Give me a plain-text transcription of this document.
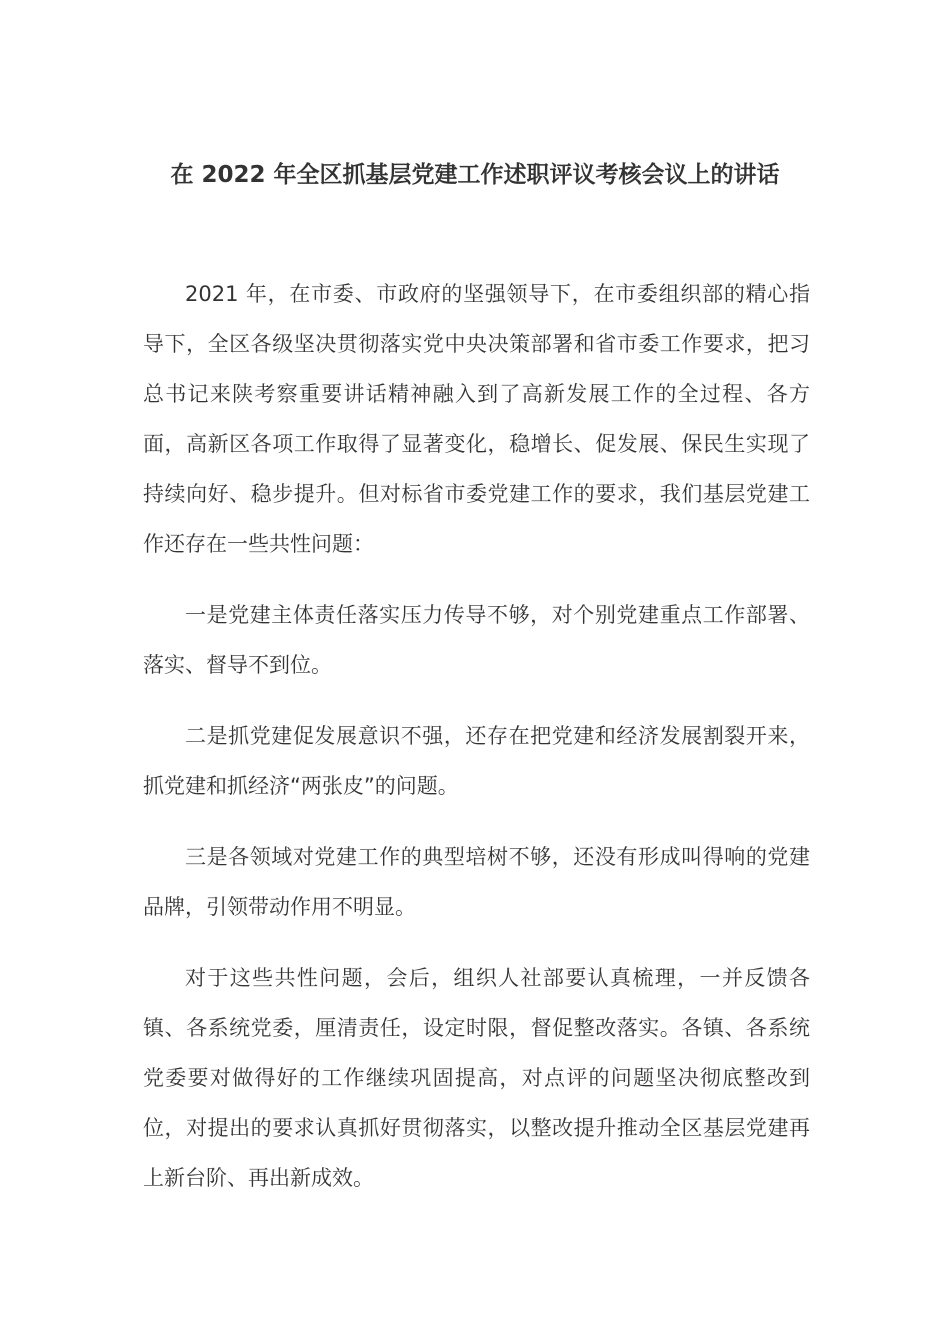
在 2022 年全区抓基层党建工作述职评议考核会议上的讲话

2021 年，在市委、市政府的坚强领导下，在市委组织部的精心指导下，全区各级坚决贯彻落实党中央决策部署和省市委工作要求，把习总书记来陕考察重要讲话精神融入到了高新发展工作的全过程、各方面，高新区各项工作取得了显著变化，稳增长、促发展、保民生实现了持续向好、稳步提升。但对标省市委党建工作的要求，我们基层党建工作还存在一些共性问题：

一是党建主体责任落实压力传导不够，对个别党建重点工作部署、落实、督导不到位。

二是抓党建促发展意识不强，还存在把党建和经济发展割裂开来，抓党建和抓经济“两张皮”的问题。

三是各领域对党建工作的典型培树不够，还没有形成叫得响的党建品牌，引领带动作用不明显。

对于这些共性问题，会后，组织人社部要认真梳理，一并反馈各镇、各系统党委，厘清责任，设定时限，督促整改落实。各镇、各系统党委要对做得好的工作继续巩固提高，对点评的问题坚决彻底整改到位，对提出的要求认真抓好贯彻落实，以整改提升推动全区基层党建再上新台阶、再出新成效。
